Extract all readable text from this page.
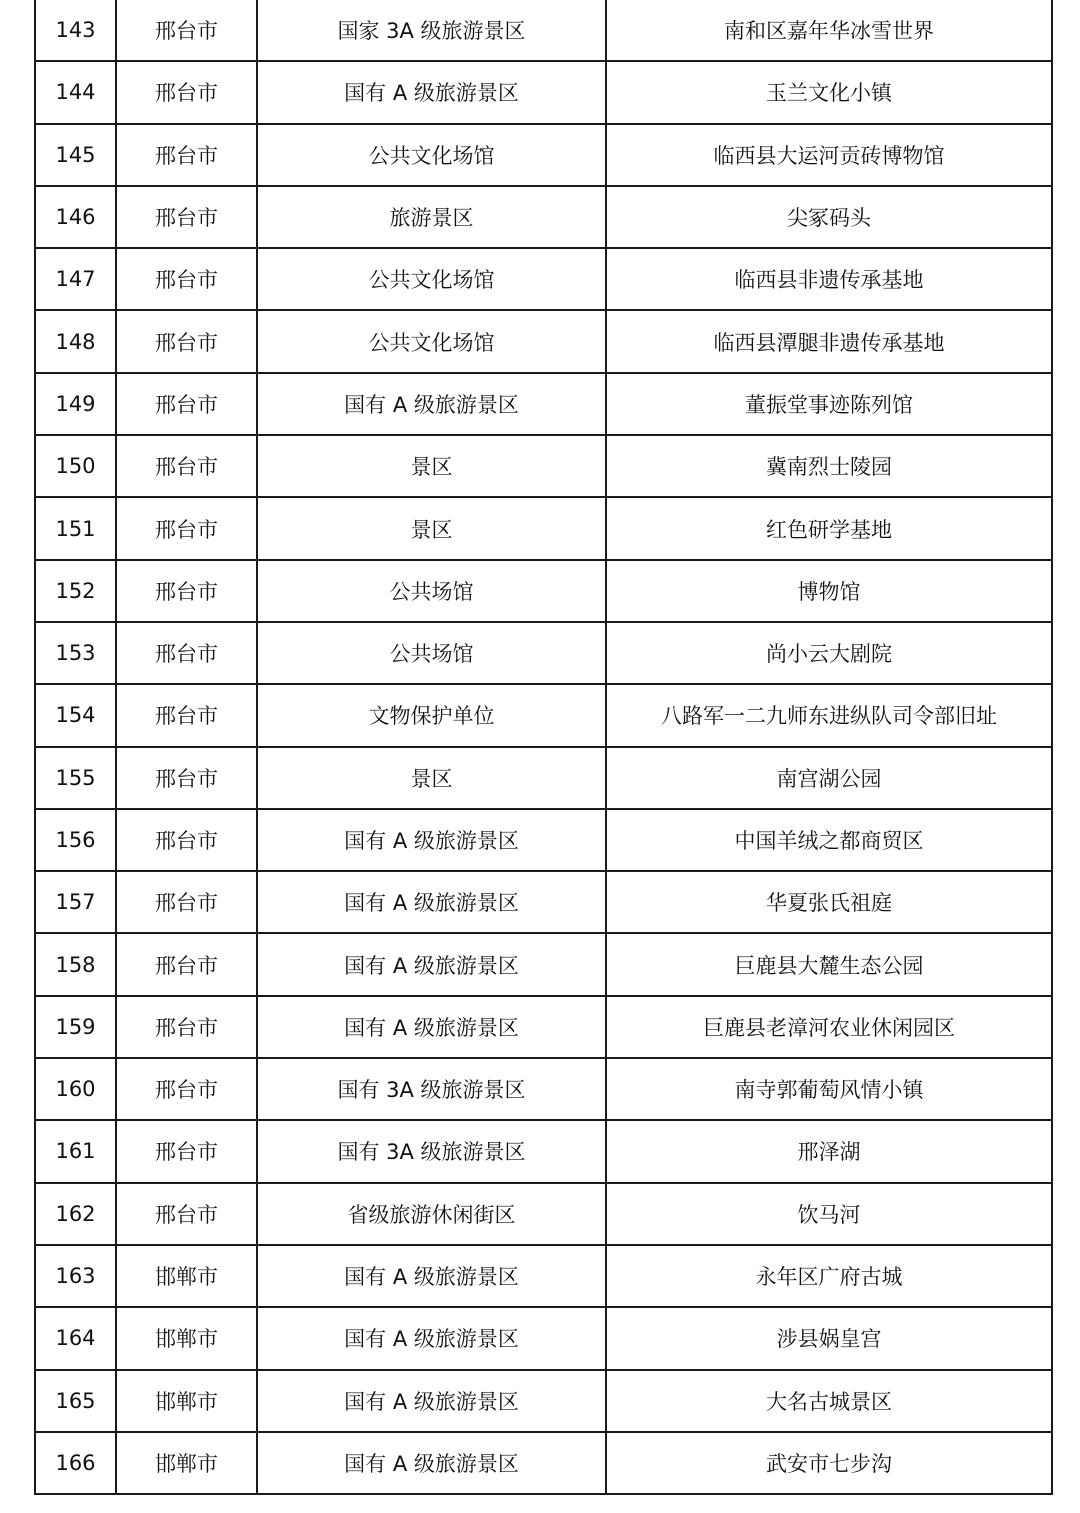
143	邢台市	国家 3A 级旅游景区	南和区嘉年华冰雪世界
144	邢台市	国有 A 级旅游景区	玉兰文化小镇
145	邢台市	公共文化场馆	临西县大运河贡砖博物馆
146	邢台市	旅游景区	尖冢码头
147	邢台市	公共文化场馆	临西县非遗传承基地
148	邢台市	公共文化场馆	临西县潭腿非遗传承基地
149	邢台市	国有 A 级旅游景区	董振堂事迹陈列馆
150	邢台市	景区	冀南烈士陵园
151	邢台市	景区	红色研学基地
152	邢台市	公共场馆	博物馆
153	邢台市	公共场馆	尚小云大剧院
154	邢台市	文物保护单位	八路军一二九师东进纵队司令部旧址
155	邢台市	景区	南宫湖公园
156	邢台市	国有 A 级旅游景区	中国羊绒之都商贸区
157	邢台市	国有 A 级旅游景区	华夏张氏祖庭
158	邢台市	国有 A 级旅游景区	巨鹿县大麓生态公园
159	邢台市	国有 A 级旅游景区	巨鹿县老漳河农业休闲园区
160	邢台市	国有 3A 级旅游景区	南寺郭葡萄风情小镇
161	邢台市	国有 3A 级旅游景区	邢泽湖
162	邢台市	省级旅游休闲街区	饮马河
163	邯郸市	国有 A 级旅游景区	永年区广府古城
164	邯郸市	国有 A 级旅游景区	涉县娲皇宫
165	邯郸市	国有 A 级旅游景区	大名古城景区
166	邯郸市	国有 A 级旅游景区	武安市七步沟
